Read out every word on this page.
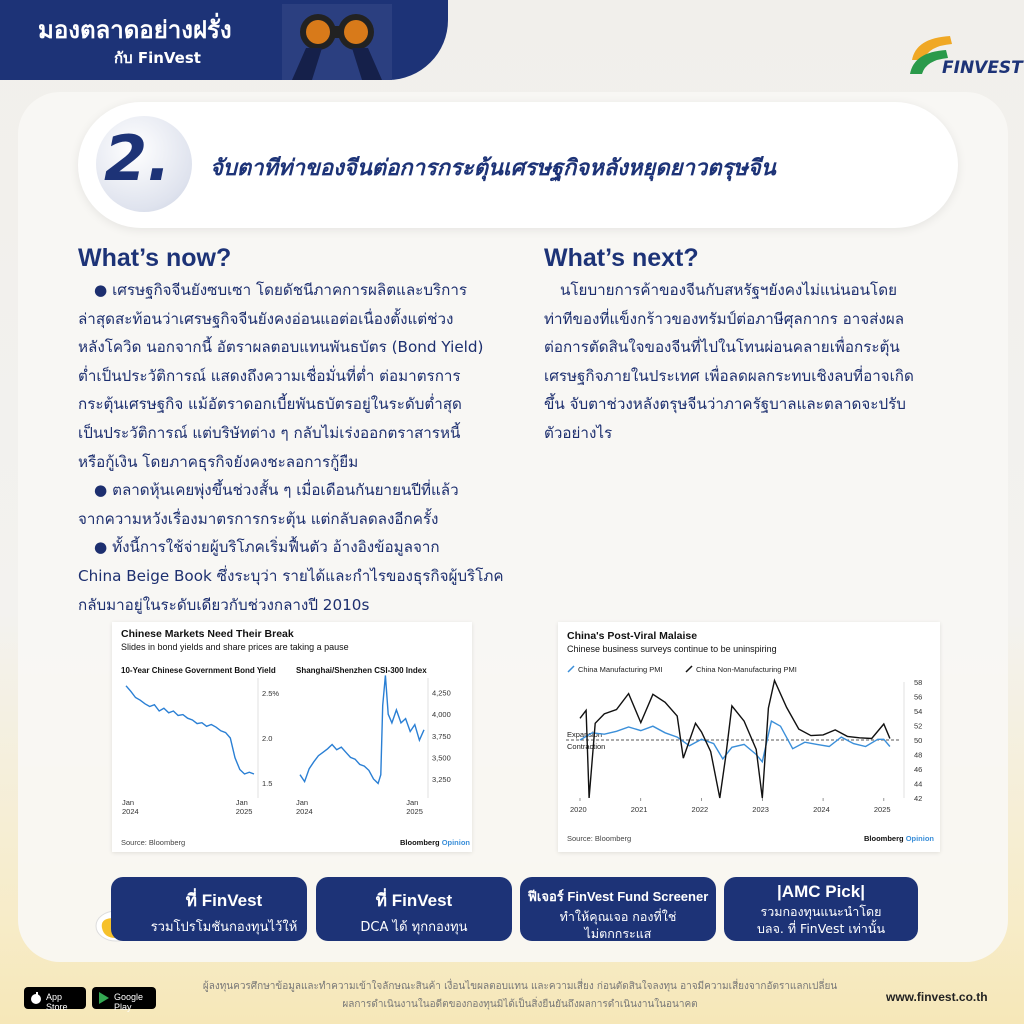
มองตลาดอย่างฝรั่ง
กับ FinVest	FINVEST
2. จับตาทีท่าของจีนต่อการกระตุ้นเศรษฐกิจหลังหยุดยาวตรุษจีน
What’s now?

● เศรษฐกิจจีนยังซบเซา โดยดัชนีภาคการผลิตและบริการ

ล่าสุดสะท้อนว่าเศรษฐกิจจีนยังคงอ่อนแอต่อเนื่องตั้งแต่ช่วง

หลังโควิด นอกจากนี้ อัตราผลตอบแทนพันธบัตร (Bond Yield)

ต่ำเป็นประวัติการณ์ แสดงถึงความเชื่อมั่นที่ต่ำ ต่อมาตรการ

กระตุ้นเศรษฐกิจ แม้อัตราดอกเบี้ยพันธบัตรอยู่ในระดับต่ำสุด

เป็นประวัติการณ์ แต่บริษัทต่าง ๆ กลับไม่เร่งออกตราสารหนี้

หรือกู้เงิน โดยภาคธุรกิจยังคงชะลอการกู้ยืม

● ตลาดหุ้นเคยพุ่งขึ้นช่วงสั้น ๆ เมื่อเดือนกันยายนปีที่แล้ว

จากความหวังเรื่องมาตรการกระตุ้น แต่กลับลดลงอีกครั้ง

● ทั้งนี้การใช้จ่ายผู้บริโภคเริ่มฟื้นตัว อ้างอิงข้อมูลจาก

China Beige Book ซึ่งระบุว่า รายได้และกำไรของธุรกิจผู้บริโภค

กลับมาอยู่ในระดับเดียวกับช่วงกลางปี 2010s

What’s next?

นโยบายการค้าของจีนกับสหรัฐฯยังคงไม่แน่นอนโดย

ท่าทีของที่แข็งกร้าวของทรัมป์ต่อภาษีศุลกากร อาจส่งผล

ต่อการตัดสินใจของจีนที่ไปในโทนผ่อนคลายเพื่อกระตุ้น

เศรษฐกิจภายในประเทศ เพื่อลดผลกระทบเชิงลบที่อาจเกิด

ขึ้น จับตาช่วงหลังตรุษจีนว่าภาครัฐบาลและตลาดจะปรับ

ตัวอย่างไร

Chinese Markets Need Their Break
Slides in bond yields and share prices are taking a pause
10-Year Chinese Government Bond Yield	Shanghai/Shenzhen CSI-300 Index
2.5%
2.0
1.5
Jan
2024
Jan
2025
4,250
4,000
3,750
3,500
3,250
Jan
2024
Jan
2025
Source: Bloomberg	Bloomberg Opinion
China's Post-Viral Malaise
Chinese business surveys continue to be uninspiring
China Manufacturing PMI	China Non-Manufacturing PMI
42
44
46
48
50
52
54
56
58
2020	2021	2022	2023	2024	2025
Expansion
Contraction
Source: Bloomberg	Bloomberg Opinion
ที่ FinVest
รวมโปรโมชันกองทุนไว้ให้
ที่ FinVest
DCA ได้ ทุกกองทุน
ฟีเจอร์ FinVest Fund Screener
ทำให้คุณเจอ กองที่ใช่
ไม่ตกกระแส
|AMC Pick|
รวมกองทุนแนะนำโดย
บลจ. ที่ FinVest เท่านั้น
App Store
Google Play
ผู้ลงทุนควรศึกษาข้อมูลและทำความเข้าใจลักษณะสินค้า เงื่อนไขผลตอบแทน และความเสี่ยง ก่อนตัดสินใจลงทุน อาจมีความเสี่ยงจากอัตราแลกเปลี่ยน
ผลการดำเนินงานในอดีตของกองทุนมิได้เป็นสิ่งยืนยันถึงผลการดำเนินงานในอนาคต
www.finvest.co.th
